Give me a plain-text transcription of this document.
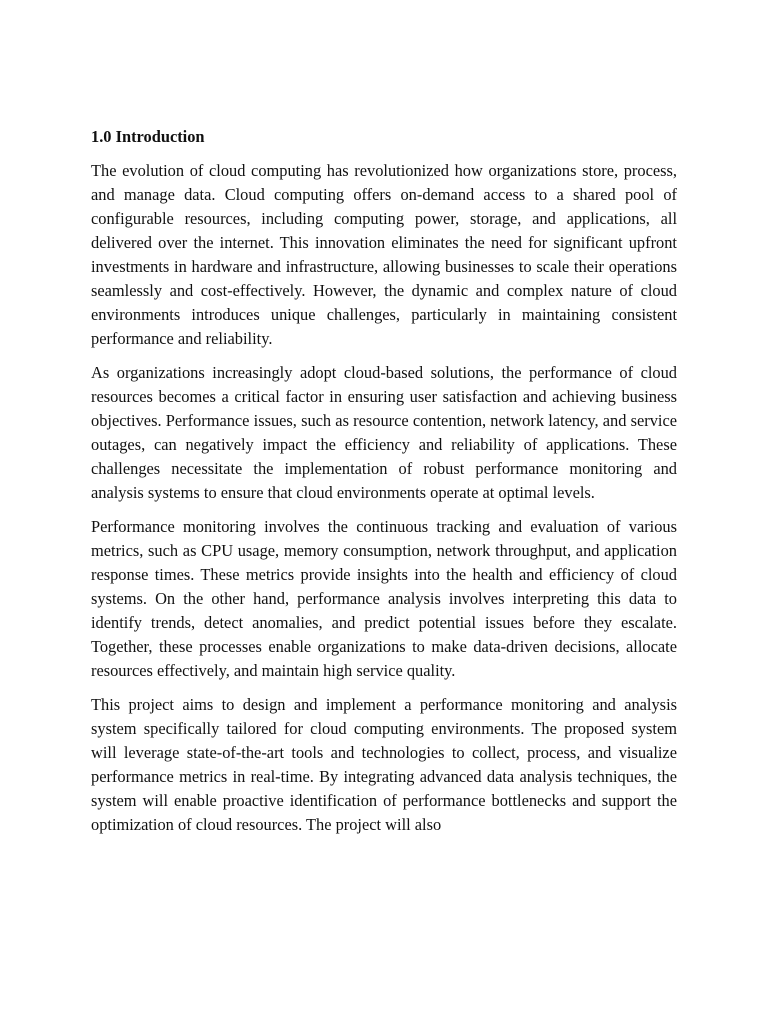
1.0 Introduction

The evolution of cloud computing has revolutionized how organizations store, process, and manage data. Cloud computing offers on-demand access to a shared pool of configurable resources, including computing power, storage, and applications, all delivered over the internet. This innovation eliminates the need for significant upfront investments in hardware and infrastructure, allowing businesses to scale their operations seamlessly and cost-effectively. However, the dynamic and complex nature of cloud environments introduces unique challenges, particularly in maintaining consistent performance and reliability.

As organizations increasingly adopt cloud-based solutions, the performance of cloud resources becomes a critical factor in ensuring user satisfaction and achieving business objectives. Performance issues, such as resource contention, network latency, and service outages, can negatively impact the efficiency and reliability of applications. These challenges necessitate the implementation of robust performance monitoring and analysis systems to ensure that cloud environments operate at optimal levels.

Performance monitoring involves the continuous tracking and evaluation of various metrics, such as CPU usage, memory consumption, network throughput, and application response times. These metrics provide insights into the health and efficiency of cloud systems. On the other hand, performance analysis involves interpreting this data to identify trends, detect anomalies, and predict potential issues before they escalate. Together, these processes enable organizations to make data-driven decisions, allocate resources effectively, and maintain high service quality.

This project aims to design and implement a performance monitoring and analysis system specifically tailored for cloud computing environments. The proposed system will leverage state-of-the-art tools and technologies to collect, process, and visualize performance metrics in real-time. By integrating advanced data analysis techniques, the system will enable proactive identification of performance bottlenecks and support the optimization of cloud resources. The project will also
